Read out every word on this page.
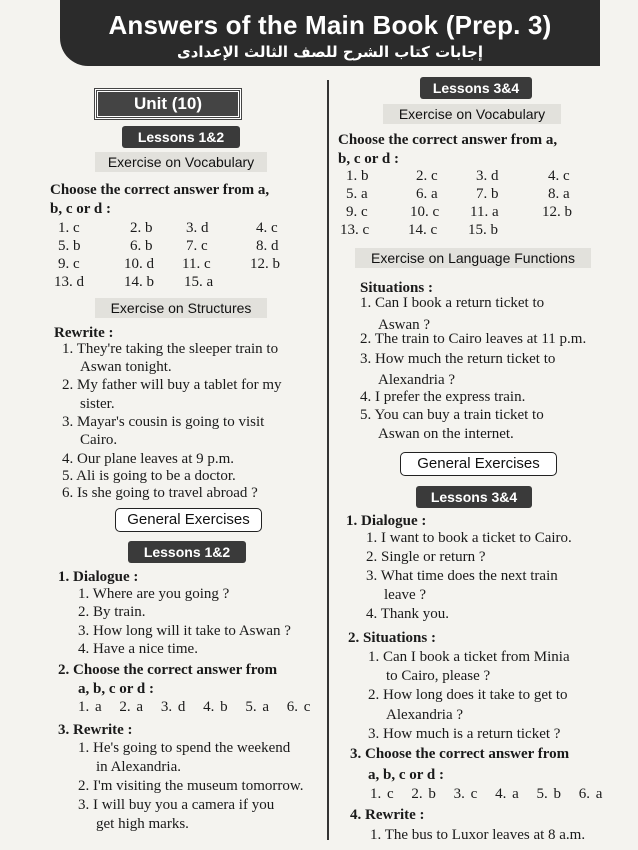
Answers of the Main Book (Prep. 3)
إجابات كتاب الشرح للصف الثالث الإعدادى
Unit (10)
Lessons 1&2
Exercise on Vocabulary
Choose the correct answer from a,
b, c or d :
1. c	2. b	3. d	4. c
5. b	6. b	7. c	8. d
9. c	10. d	11. c	12. b
13. d	14. b	15. a
Exercise on Structures
Rewrite :
1. They're taking the sleeper train to
Aswan tonight.
2. My father will buy a tablet for my
sister.
3. Mayar's cousin is going to visit
Cairo.
4. Our plane leaves at 9 p.m.
5. Ali is going to be a doctor.
6. Is she going to travel abroad ?
General Exercises
Lessons 1&2
1. Dialogue :
1. Where are you going ?
2. By train.
3. How long will it take to Aswan ?
4. Have a nice time.
2. Choose the correct answer from
a, b, c or d :
1. a 2. a 3. d 4. b 5. a 6. c
3. Rewrite :
1. He's going to spend the weekend
in Alexandria.
2. I'm visiting the museum tomorrow.
3. I will buy you a camera if you
get high marks.
Lessons 3&4
Exercise on Vocabulary
Choose the correct answer from a,
b, c or d :
1. b	2. c	3. d	4. c
5. a	6. a	7. b	8. a
9. c	10. c	11. a	12. b
13. c	14. c	15. b
Exercise on Language Functions
Situations :
1. Can I book a return ticket to
Aswan ?
2. The train to Cairo leaves at 11 p.m.
3. How much the return ticket to
Alexandria ?
4. I prefer the express train.
5. You can buy a train ticket to
Aswan on the internet.
General Exercises
Lessons 3&4
1. Dialogue :
1. I want to book a ticket to Cairo.
2. Single or return ?
3. What time does the next train
leave ?
4. Thank you.
2. Situations :
1. Can I book a ticket from Minia
to Cairo, please ?
2. How long does it take to get to
Alexandria ?
3. How much is a return ticket ?
3. Choose the correct answer from
a, b, c or d :
1. c 2. b 3. c 4. a 5. b 6. a
4. Rewrite :
1. The bus to Luxor leaves at 8 a.m.
